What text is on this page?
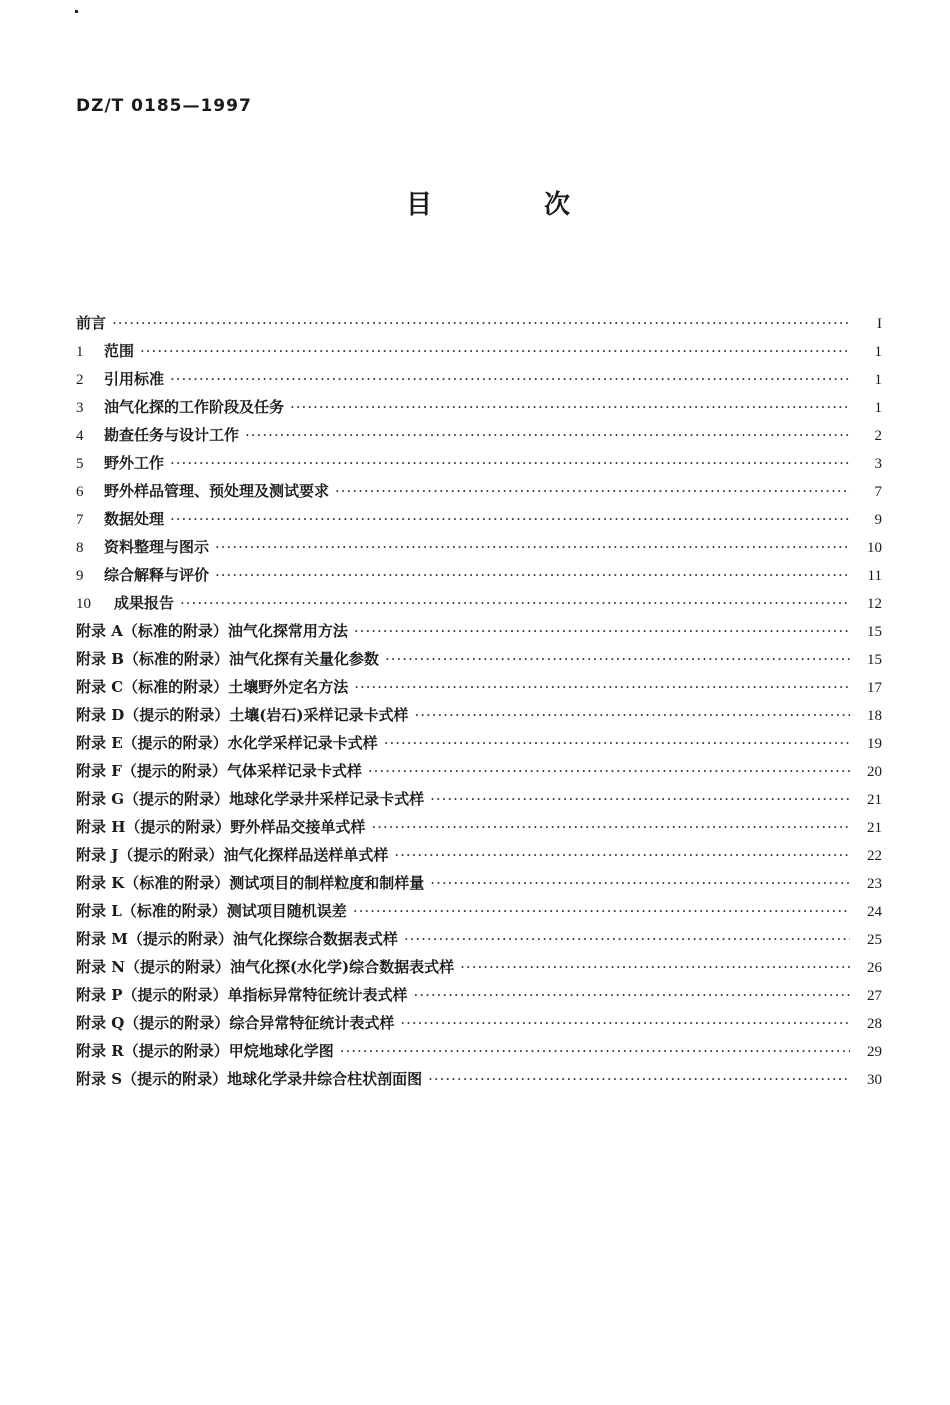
DZ/T 0185—1997
目	次
前言 ·····	I
1	范围 ·····	1
2	引用标准 ·····	1
3	油气化探的工作阶段及任务 ·····	1
4	勘查任务与设计工作 ·····	2
5	野外工作 ·····	3
6	野外样品管理、预处理及测试要求 ·····	7
7	数据处理 ·····	9
8	资料整理与图示 ·····	10
9	综合解释与评价 ·····	11
10	成果报告 ·····	12
附录 A （标准的附录） 油气化探常用方法 ·····	15
附录 B （标准的附录） 油气化探有关量化参数 ·····	15
附录 C （标准的附录） 土壤野外定名方法 ·····	17
附录 D （提示的附录） 土壤(岩石)采样记录卡式样 ·····	18
附录 E （提示的附录） 水化学采样记录卡式样 ·····	19
附录 F （提示的附录） 气体采样记录卡式样 ·····	20
附录 G （提示的附录） 地球化学录井采样记录卡式样 ·····	21
附录 H （提示的附录） 野外样品交接单式样 ·····	21
附录 J （提示的附录） 油气化探样品送样单式样 ·····	22
附录 K （标准的附录） 测试项目的制样粒度和制样量 ·····	23
附录 L （标准的附录） 测试项目随机误差 ·····	24
附录 M （提示的附录） 油气化探综合数据表式样 ·····	25
附录 N （提示的附录） 油气化探(水化学)综合数据表式样 ·····	26
附录 P （提示的附录） 单指标异常特征统计表式样 ·····	27
附录 Q （提示的附录） 综合异常特征统计表式样 ·····	28
附录 R （提示的附录） 甲烷地球化学图 ·····	29
附录 S （提示的附录） 地球化学录井综合柱状剖面图 ·····	30
